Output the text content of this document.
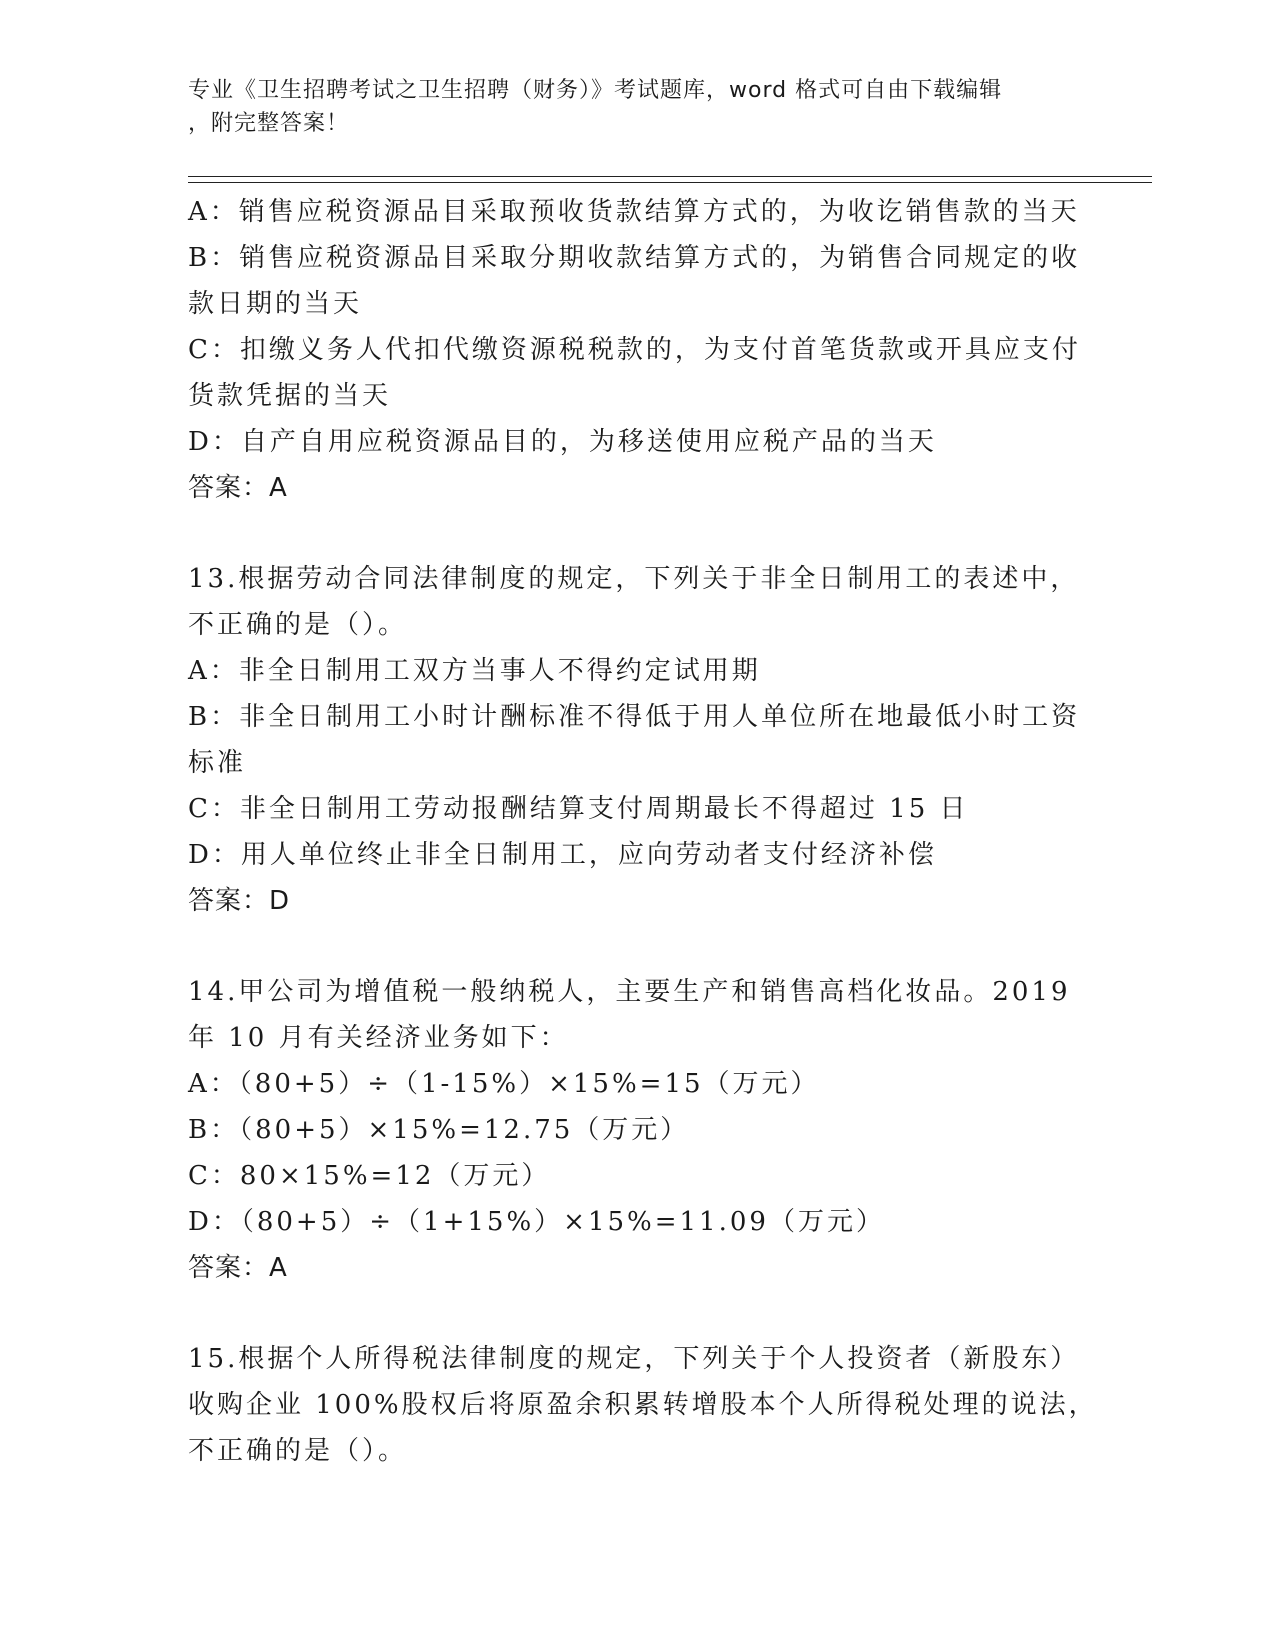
专业《卫生招聘考试之卫生招聘（财务）》考试题库，word 格式可自由下载编辑
，附完整答案！
A：销售应税资源品目采取预收货款结算方式的，为收讫销售款的当天
B：销售应税资源品目采取分期收款结算方式的，为销售合同规定的收
款日期的当天
C：扣缴义务人代扣代缴资源税税款的，为支付首笔货款或开具应支付
货款凭据的当天
D：自产自用应税资源品目的，为移送使用应税产品的当天
答案：A
13.根据劳动合同法律制度的规定，下列关于非全日制用工的表述中，
不正确的是（）。
A：非全日制用工双方当事人不得约定试用期
B：非全日制用工小时计酬标准不得低于用人单位所在地最低小时工资
标准
C：非全日制用工劳动报酬结算支付周期最长不得超过 15 日
D：用人单位终止非全日制用工，应向劳动者支付经济补偿
答案：D
14.甲公司为增值税一般纳税人，主要生产和销售高档化妆品。2019
年 10 月有关经济业务如下：
A：（80+5）÷（1-15%）×15%=15（万元）
B：（80+5）×15%=12.75（万元）
C：80×15%=12（万元）
D：（80+5）÷（1+15%）×15%=11.09（万元）
答案：A
15.根据个人所得税法律制度的规定，下列关于个人投资者（新股东）
收购企业 100%股权后将原盈余积累转增股本个人所得税处理的说法，
不正确的是（）。
